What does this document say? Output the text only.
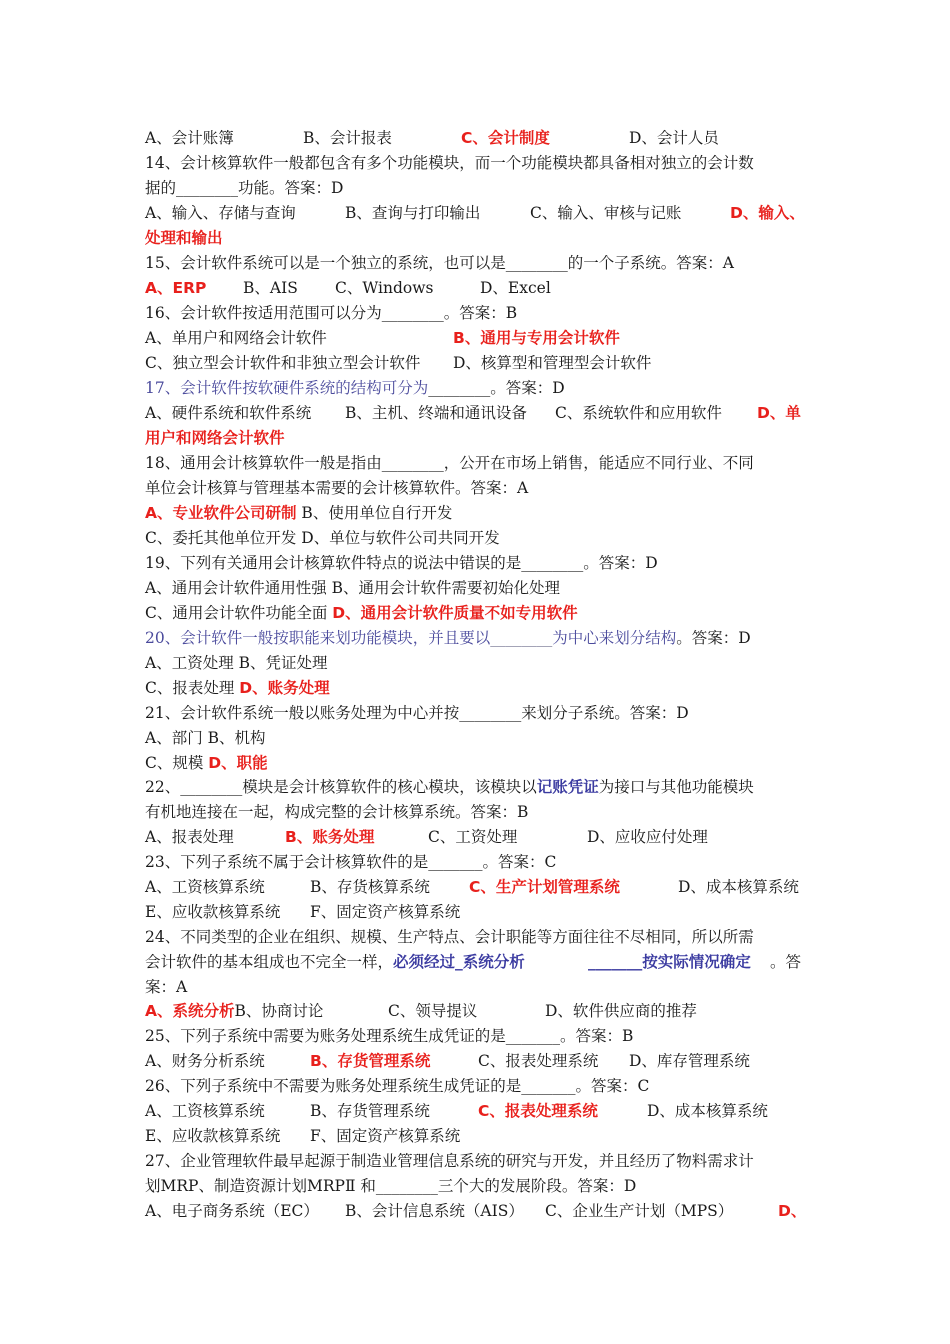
A、会计账簿	B、会计报表	C、会计制度	D、会计人员
14、会计核算软件一般都包含有多个功能模块，而一个功能模块都具备相对独立的会计数
据的________功能。答案：D
A、输入、存储与查询	B、查询与打印输出	C、输入、审核与记账	D、输入、
处理和输出
15、会计软件系统可以是一个独立的系统，也可以是________的一个子系统。答案：A
A、ERP B、AIS C、Windows	D、Excel
16、会计软件按适用范围可以分为________。答案：B
A、单用户和网络会计软件	B、通用与专用会计软件
C、独立型会计软件和非独立型会计软件 D、核算型和管理型会计软件
17、会计软件按软硬件系统的结构可分为________。答案：D
A、硬件系统和软件系统 B、主机、终端和通讯设备 C、系统软件和应用软件 D、单
用户和网络会计软件
18、通用会计核算软件一般是指由________，公开在市场上销售，能适应不同行业、不同
单位会计核算与管理基本需要的会计核算软件。答案：A
A、专业软件公司研制 B、使用单位自行开发
C、委托其他单位开发 D、单位与软件公司共同开发
19、下列有关通用会计核算软件特点的说法中错误的是________。答案：D
A、通用会计软件通用性强 B、通用会计软件需要初始化处理
C、通用会计软件功能全面 D、通用会计软件质量不如专用软件
20、会计软件一般按职能来划功能模块，并且要以________为中心来划分结构。答案：D
A、工资处理 B、凭证处理
C、报表处理 D、账务处理
21、会计软件系统一般以账务处理为中心并按________来划分子系统。答案：D
A、部门 B、机构
C、规模 D、职能
22、________模块是会计核算软件的核心模块，该模块以记账凭证为接口与其他功能模块
有机地连接在一起，构成完整的会计核算系统。答案：B
A、报表处理	B、账务处理	C、工资处理	D、应收应付处理
23、下列子系统不属于会计核算软件的是_______。答案：C
A、工资核算系统	B、存货核算系统	C、生产计划管理系统	D、成本核算系统
E、应收款核算系统 F、固定资产核算系统
24、不同类型的企业在组织、规模、生产特点、会计职能等方面往往不尽相同，所以所需
会计软件的基本组成也不完全一样，必须经过_系统分析	_______按实际情况确定 。答
案：A
A、系统分析B、协商讨论	C、领导提议	D、软件供应商的推荐
25、下列子系统中需要为账务处理系统生成凭证的是_______。答案：B
A、财务分析系统	B、存货管理系统	C、报表处理系统 D、库存管理系统
26、下列子系统中不需要为账务处理系统生成凭证的是_______。答案：C
A、工资核算系统	B、存货管理系统	C、报表处理系统	D、成本核算系统
E、应收款核算系统 F、固定资产核算系统
27、企业管理软件最早起源于制造业管理信息系统的研究与开发，并且经历了物料需求计
划MRP、制造资源计划MRPⅡ 和________三个大的发展阶段。答案：D
A、电子商务系统（EC） B、会计信息系统（AIS） C、企业生产计划（MPS）	D、
